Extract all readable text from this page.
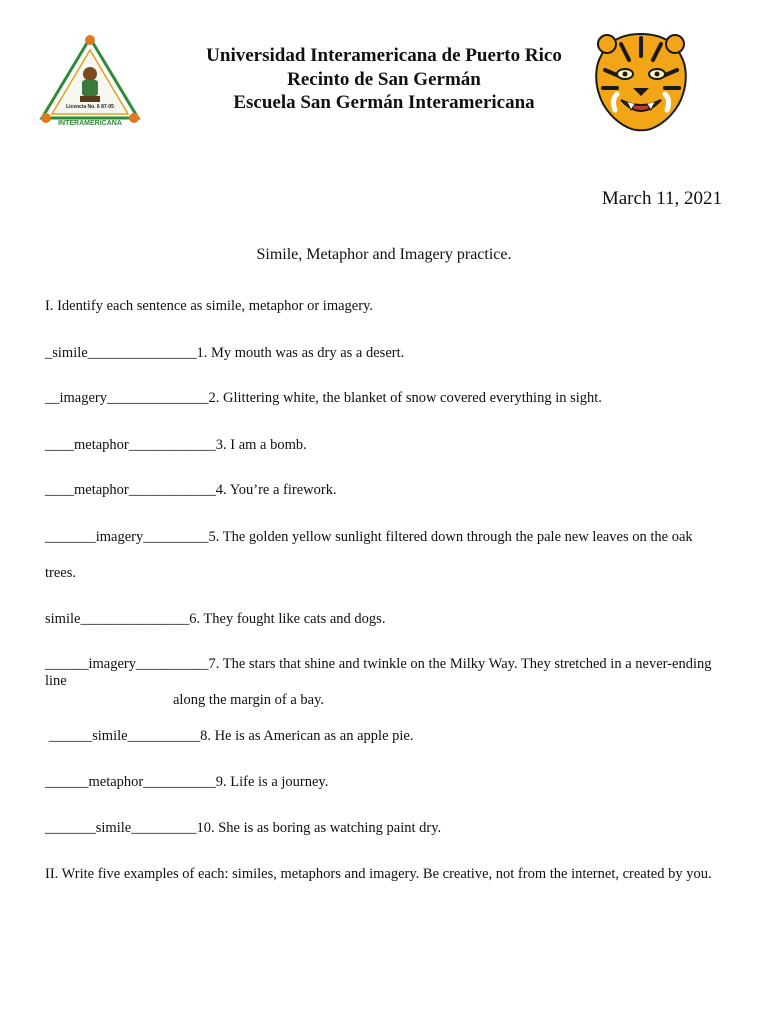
Licencia No. 6 87-05
INTERAMERICANA
Universidad Interamericana de Puerto Rico
Recinto de San Germán
Escuela San Germán Interamericana
March 11, 2021
Simile, Metaphor and Imagery practice.
I. Identify each sentence as simile, metaphor or imagery.
_simile_______________1. My mouth was as dry as a desert.
__imagery______________2. Glittering white, the blanket of snow covered everything in sight.
____metaphor____________3. I am a bomb.
____metaphor____________4. You’re a firework.
_______imagery_________5. The golden yellow sunlight filtered down through the pale new leaves on the oak
trees.
simile_______________6. They fought like cats and dogs.
______imagery__________7. The stars that shine and twinkle on the Milky Way. They stretched in a never-ending line
along the margin of a bay.
______simile__________8. He is as American as an apple pie.
______metaphor__________9. Life is a journey.
_______simile_________10. She is as boring as watching paint dry.
II. Write five examples of each: similes, metaphors and imagery. Be creative, not from the internet, created by you.
